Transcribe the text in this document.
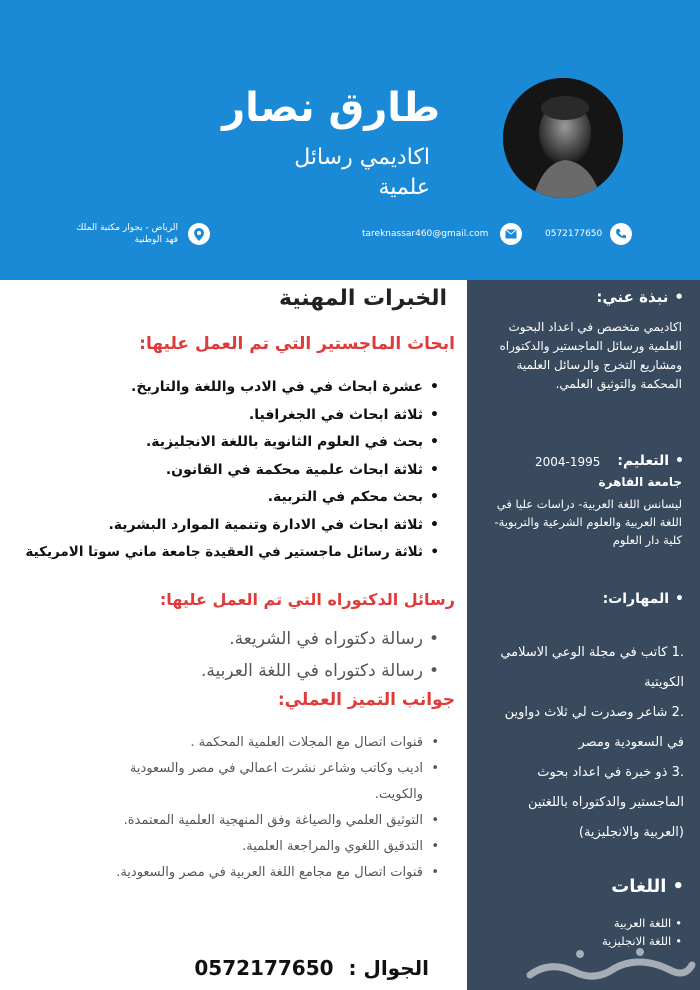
طارق نصار
اكاديمي رسائل
علمية
0572177650
tareknassar460@gmail.com
الرياض - بجوار مكتبة الملك فهد الوطنية
•نبذة عني:
اكاديمي متخصص في اعداد البحوث العلمية ورسائل الماجستير والدكتوراه ومشاريع التخرج والرسائل العلمية المحكمة والتوثيق العلمي.
•التعليم:
2004-1995
جامعة القاهرة
ليسانس اللغة العربية- دراسات عليا في اللغة العربية والعلوم الشرعية والتربوية- كلية دار العلوم
•المهارات:
.1 كاتب في مجلة الوعي الاسلامي الكويتية
.2 شاعر وصدرت لي ثلاث دواوين في السعودية ومصر
.3 ذو خبرة في اعداد بحوث الماجستير والدكتوراه باللغتين (العربية والانجليزية)
•اللغات
•اللغة العربية
•اللغة الانجليزية
الخبرات المهنية
ابحاث الماجستير التي تم العمل عليها:
• عشرة ابحاث في في الادب واللغة والتاريخ.
• ثلاثة ابحاث في الجغرافيا.
• بحث في العلوم الثانوية باللغة الانجليزية.
• ثلاثة ابحاث علمية محكمة في القانون.
• بحث محكم في التربية.
• ثلاثة ابحاث في الادارة وتنمية الموارد البشرية.
• ثلاثة رسائل ماجستير في العقيدة جامعة ماني سوتا الامريكية
رسائل الدكتوراه التي تم العمل عليها:
• رسالة دكتوراه في الشريعة.
• رسالة دكتوراه في اللغة العربية.
جوانب التميز العملي:
• قنوات اتصال مع المجلات العلمية المحكمة .
• اديب وكاتب وشاعر نشرت اعمالي في مصر والسعودية والكويت.
• التوثيق العلمي والصياغة وفق المنهجية العلمية المعتمدة.
• التدقيق اللغوي والمراجعة العلمية.
• قنوات اتصال مع مجامع اللغة العربية في مصر والسعودية.
الجوال : 0572177650
